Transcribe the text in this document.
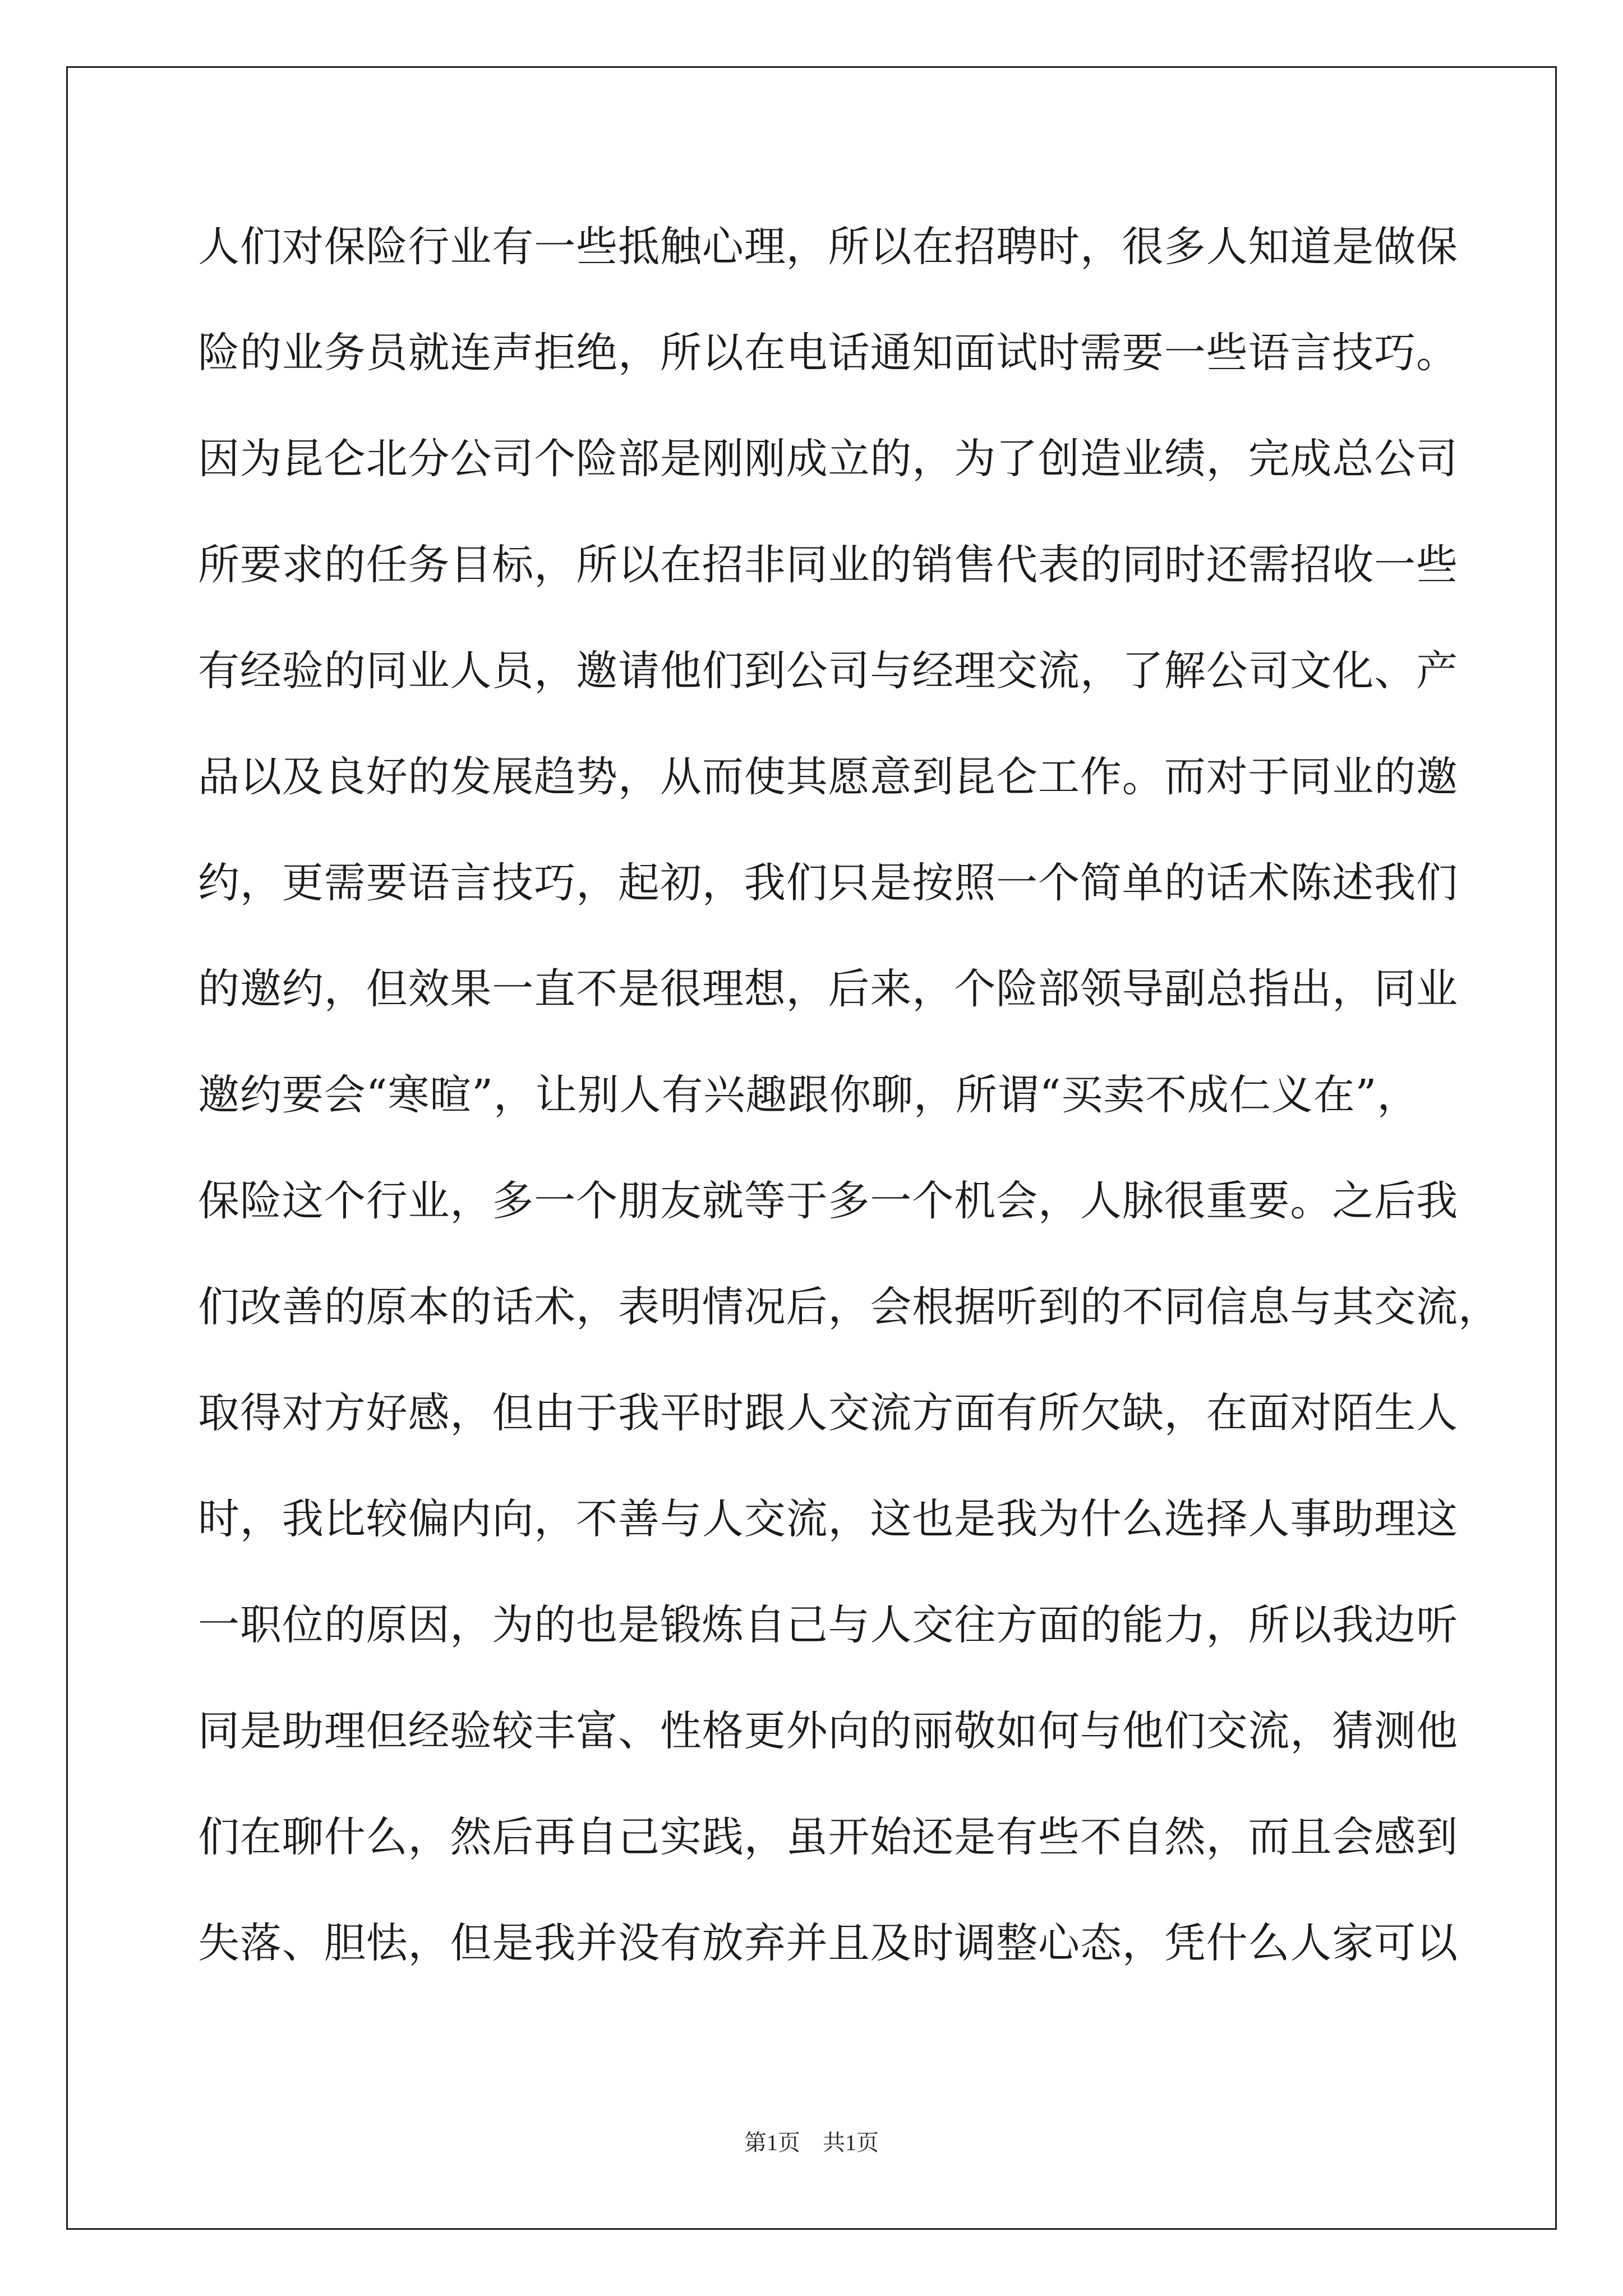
人们对保险行业有一些抵触心理，所以在招聘时，很多人知道是做保
险的业务员就连声拒绝，所以在电话通知面试时需要一些语言技巧。
因为昆仑北分公司个险部是刚刚成立的，为了创造业绩，完成总公司
所要求的任务目标，所以在招非同业的销售代表的同时还需招收一些
有经验的同业人员，邀请他们到公司与经理交流，了解公司文化、产
品以及良好的发展趋势，从而使其愿意到昆仑工作。而对于同业的邀
约，更需要语言技巧，起初，我们只是按照一个简单的话术陈述我们
的邀约，但效果一直不是很理想，后来，个险部领导副总指出，同业
邀约要会“寒暄”，让别人有兴趣跟你聊，所谓“买卖不成仁义在”，
保险这个行业，多一个朋友就等于多一个机会，人脉很重要。之后我
们改善的原本的话术，表明情况后，会根据听到的不同信息与其交流，
取得对方好感，但由于我平时跟人交流方面有所欠缺，在面对陌生人
时，我比较偏内向，不善与人交流，这也是我为什么选择人事助理这
一职位的原因，为的也是锻炼自己与人交往方面的能力，所以我边听
同是助理但经验较丰富、性格更外向的丽敬如何与他们交流，猜测他
们在聊什么，然后再自己实践，虽开始还是有些不自然，而且会感到
失落、胆怯，但是我并没有放弃并且及时调整心态，凭什么人家可以
第1页　共1页
